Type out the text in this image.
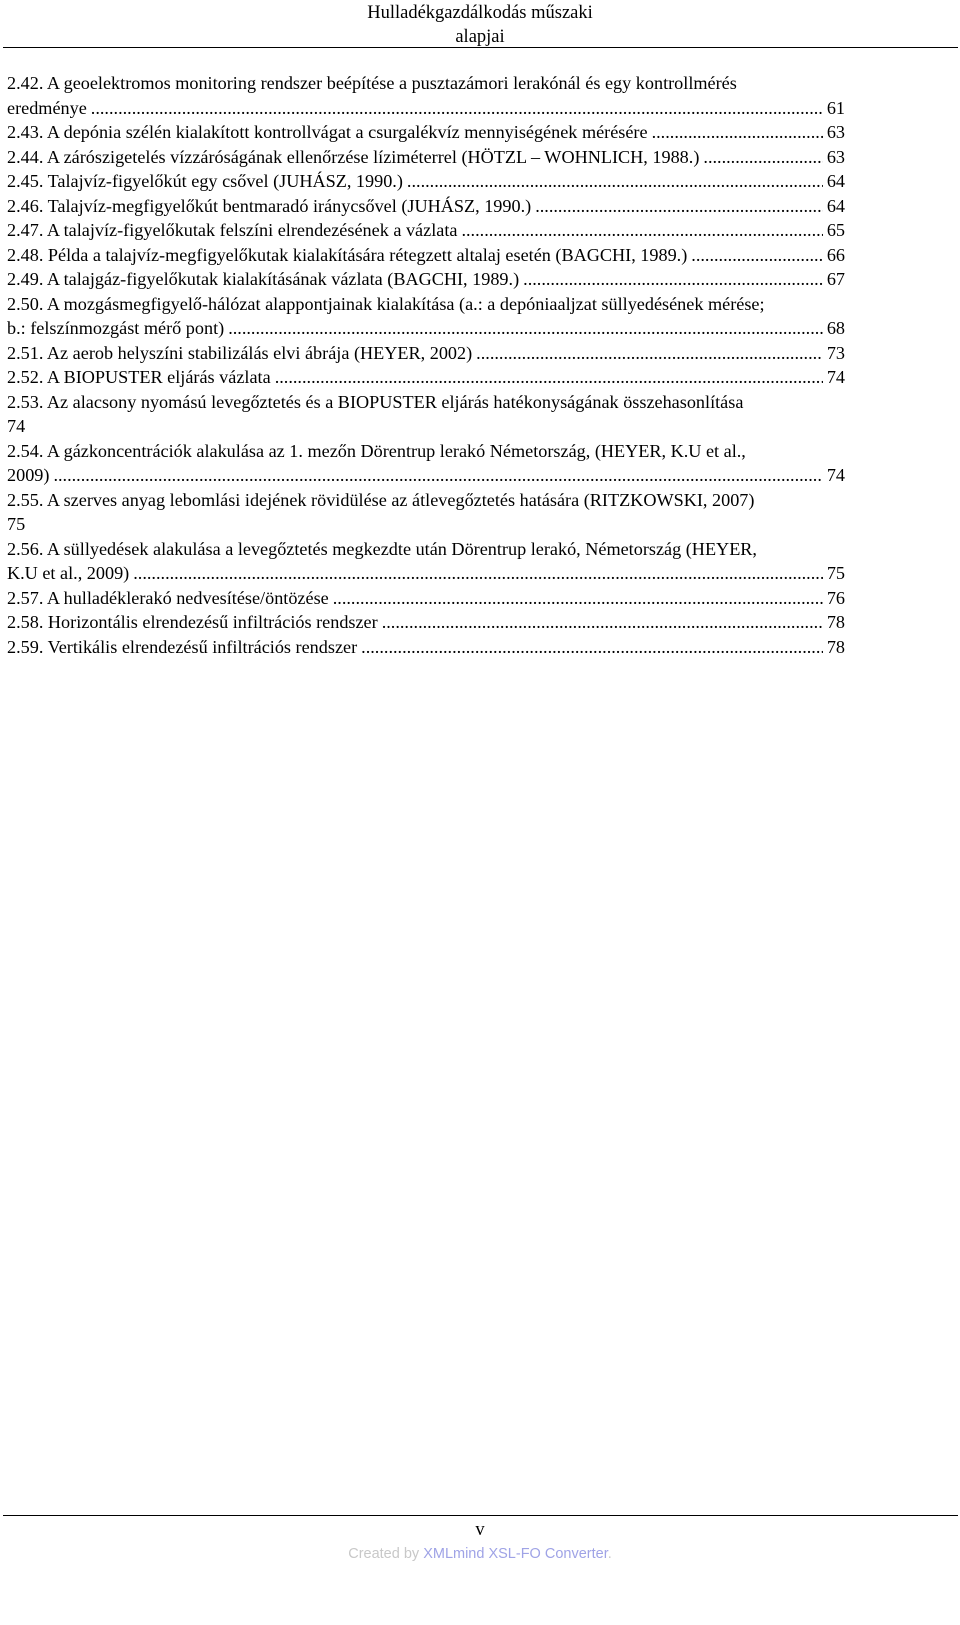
Hulladékgazdálkodás műszaki
alapjai
2.42. A geoelektromos monitoring rendszer beépítése a pusztazámori lerakónál és egy kontrollmérés
eredménye .....	61
2.43. A depónia szélén kialakított kontrollvágat a csurgalékvíz mennyiségének mérésére .....	63
2.44. A zárószigetelés vízzáróságának ellenőrzése líziméterrel (HÖTZL – WOHNLICH, 1988.) .....	63
2.45. Talajvíz-figyelőkút egy csővel (JUHÁSZ, 1990.) .....	64
2.46. Talajvíz-megfigyelőkút bentmaradó iránycsővel (JUHÁSZ, 1990.) .....	64
2.47. A talajvíz-figyelőkutak felszíni elrendezésének a vázlata .....	65
2.48. Példa a talajvíz-megfigyelőkutak kialakítására rétegzett altalaj esetén (BAGCHI, 1989.) .....	66
2.49. A talajgáz-figyelőkutak kialakításának vázlata (BAGCHI, 1989.) .....	67
2.50. A mozgásmegfigyelő-hálózat alappontjainak kialakítása (a.: a depóniaaljzat süllyedésének mérése;
b.: felszínmozgást mérő pont) .....	68
2.51. Az aerob helyszíni stabilizálás elvi ábrája (HEYER, 2002) .....	73
2.52. A BIOPUSTER eljárás vázlata .....	74
2.53. Az alacsony nyomású levegőztetés és a BIOPUSTER eljárás hatékonyságának összehasonlítása
74
2.54. A gázkoncentrációk alakulása az 1. mezőn Dörentrup lerakó Németország, (HEYER, K.U et al.,
2009) .....	74
2.55. A szerves anyag lebomlási idejének rövidülése az átlevegőztetés hatására (RITZKOWSKI, 2007)
75
2.56. A süllyedések alakulása a levegőztetés megkezdte után Dörentrup lerakó, Németország (HEYER,
K.U et al., 2009) .....	75
2.57. A hulladéklerakó nedvesítése/öntözése .....	76
2.58. Horizontális elrendezésű infiltrációs rendszer .....	78
2.59. Vertikális elrendezésű infiltrációs rendszer .....	78
v
Created by XMLmind XSL-FO Converter.
